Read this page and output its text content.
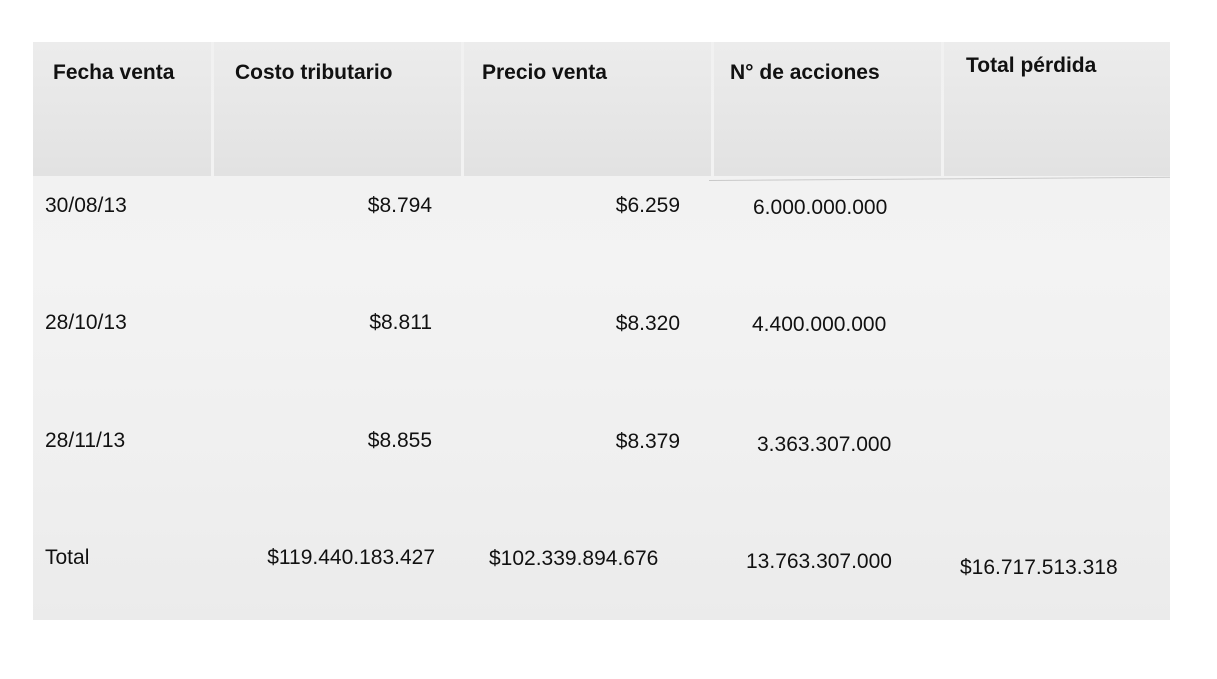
Fecha venta	Costo tributario	Precio venta	N° de acciones	Total pérdida
30/08/13	$8.794	$6.259	6.000.000.000
28/10/13	$8.811	$8.320	4.400.000.000
28/11/13	$8.855	$8.379	3.363.307.000
Total	$119.440.183.427	$102.339.894.676	13.763.307.000	$16.717.513.318
